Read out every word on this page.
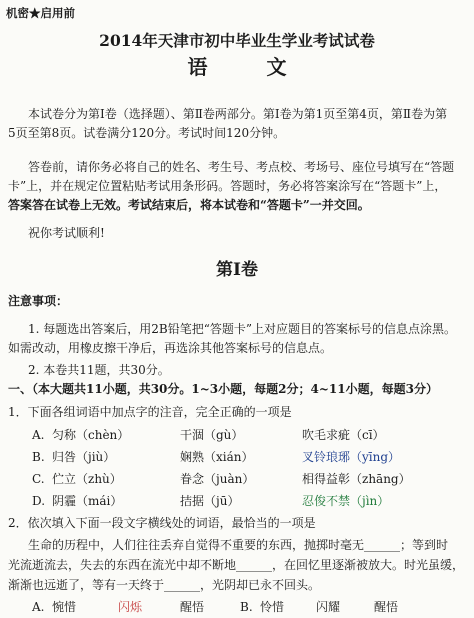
机密★启用前
2014年天津市初中毕业生学业考试试卷
语 文
本试卷分为第Ⅰ卷（选择题）、第Ⅱ卷两部分。第Ⅰ卷为第1页至第4页，第Ⅱ卷为第
5页至第8页。试卷满分120分。考试时间120分钟。
答卷前，请你务必将自己的姓名、考生号、考点校、考场号、座位号填写在“答题
卡”上，并在规定位置粘贴考试用条形码。答题时，务必将答案涂写在“答题卡”上，
答案答在试卷上无效。考试结束后，将本试卷和“答题卡”一并交回。
祝你考试顺利!
第Ⅰ卷
注意事项：
1. 每题选出答案后，用2B铅笔把“答题卡”上对应题目的答案标号的信息点涂黑。
如需改动，用橡皮擦干净后，再选涂其他答案标号的信息点。
2. 本卷共11题，共30分。
一、（本大题共11小题，共30分。1~3小题，每题2分；4~11小题，每题3分）
1．下面各组词语中加点字的注音，完全正确的一项是
A. 匀称（chèn）	干涸（gù）	吹毛求疵（cī）
B. 归咎（jiù）	娴熟（xián）	叉铃琅琊（yīng）
C. 伫立（zhù）	眷念（juàn）	相得益彰（zhāng）
D. 阴霾（mái）	拮据（jū）	忍俊不禁（jìn）
2．依次填入下面一段文字横线处的词语，最恰当的一项是
生命的历程中，人们往往丢弃自觉得不重要的东西，抛掷时毫无______；等到时
光流逝流去，失去的东西在流光中却不断地______，在回忆里逐渐被放大。时光虽缓，
渐渐也远逝了，等有一天终于______，光阴却已永不回头。
A. 惋惜	闪烁	醒悟	B. 怜惜	闪耀	醒悟
